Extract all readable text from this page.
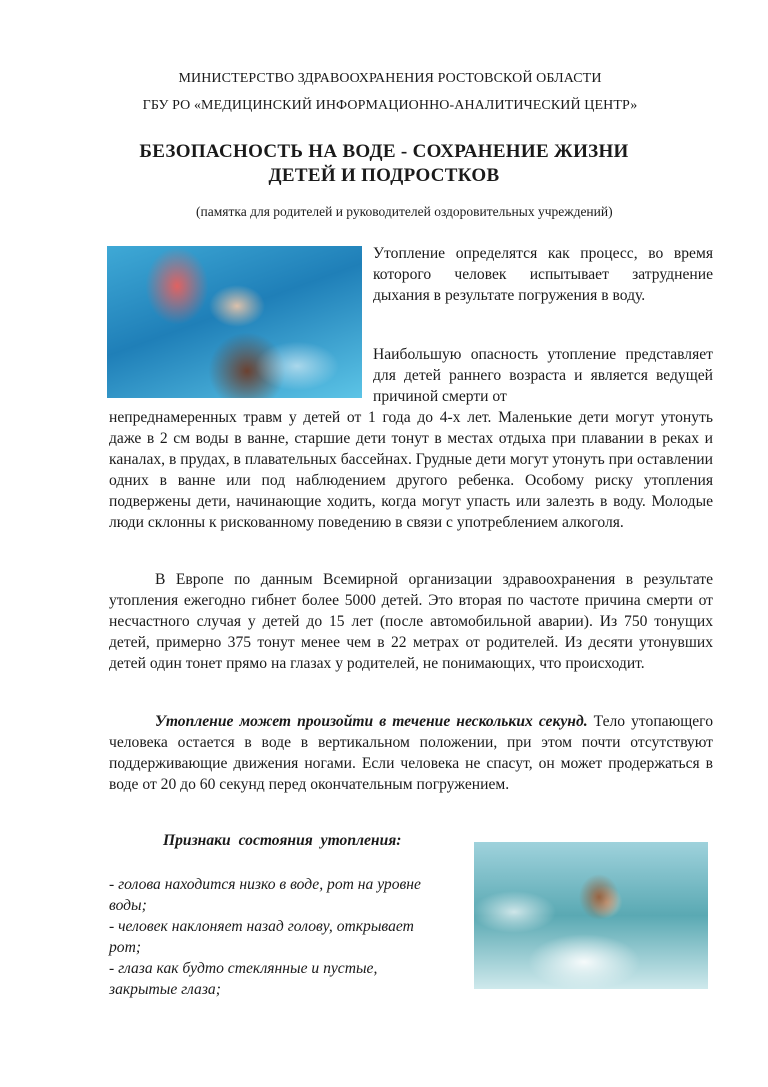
МИНИСТЕРСТВО ЗДРАВООХРАНЕНИЯ РОСТОВСКОЙ ОБЛАСТИ
ГБУ РО «МЕДИЦИНСКИЙ ИНФОРМАЦИОННО-АНАЛИТИЧЕСКИЙ ЦЕНТР»
БЕЗОПАСНОСТЬ НА ВОДЕ - СОХРАНЕНИЕ ЖИЗНИ
ДЕТЕЙ И ПОДРОСТКОВ
(памятка для родителей и руководителей оздоровительных учреждений)
Утопление определятся как процесс, во время которого человек испытывает затруднение дыхания в результате погружения в воду.
Наибольшую опасность утопление представляет для детей раннего возраста и является ведущей причиной смерти от
непреднамеренных травм у детей от 1 года до 4-х лет. Маленькие дети могут утонуть даже в 2 см воды в ванне, старшие дети тонут в местах отдыха при плавании в реках и каналах, в прудах, в плавательных бассейнах. Грудные дети могут утонуть при оставлении одних в ванне или под наблюдением другого ребенка. Особому риску утопления подвержены дети, начинающие ходить, когда могут упасть или залезть в воду. Молодые люди склонны к рискованному поведению в связи с употреблением алкоголя.
В Европе по данным Всемирной организации здравоохранения в результате утопления ежегодно гибнет более 5000 детей. Это вторая по частоте причина смерти от несчастного случая у детей до 15 лет (после автомобильной аварии). Из 750 тонущих детей, примерно 375 тонут менее чем в 22 метрах от родителей. Из десяти утонувших детей один тонет прямо на глазах у родителей, не понимающих, что происходит.
Утопление может произойти в течение нескольких секунд. Тело утопающего человека остается в воде в вертикальном положении, при этом почти отсутствуют поддерживающие движения ногами. Если человека не спасут, он может продержаться в воде от 20 до 60 секунд перед окончательным погружением.
Признаки состояния утопления:
- голова находится низко в воде, рот на уровне воды;
- человек наклоняет назад голову, открывает рот;
- глаза как будто стеклянные и пустые, закрытые глаза;
